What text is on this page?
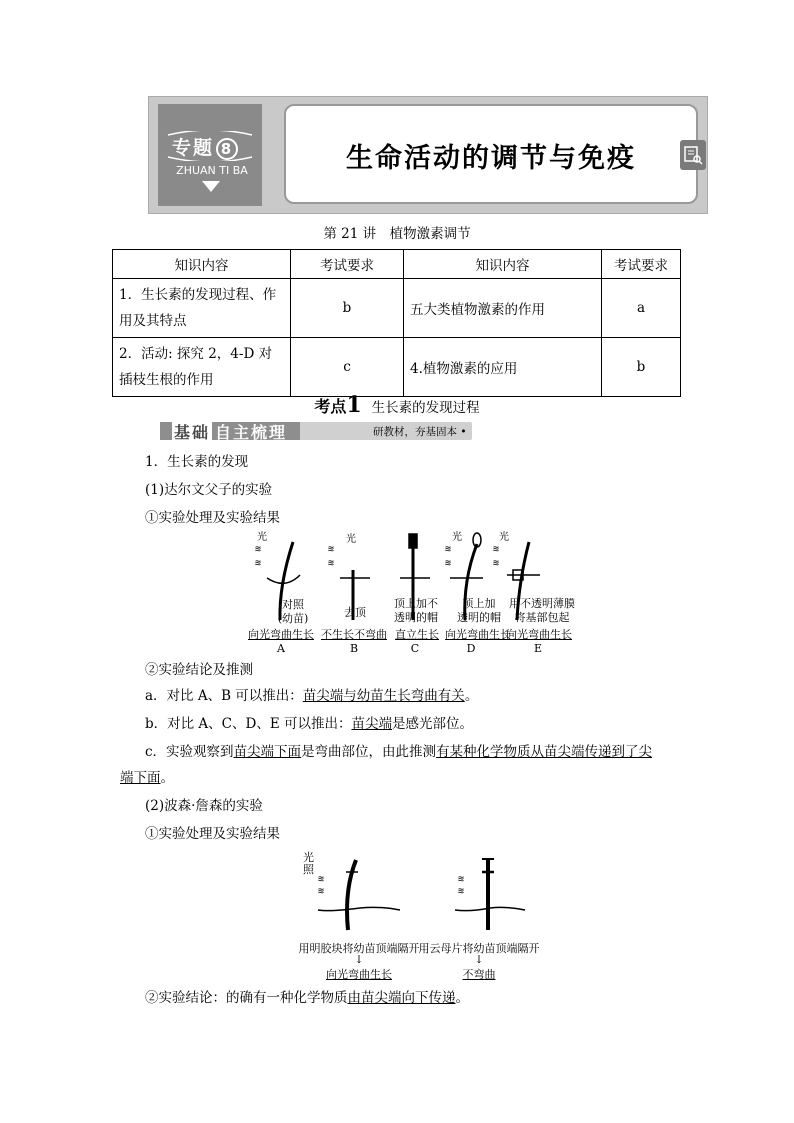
专题 8
ZHUAN TI BA	生命活动的调节与免疫
第 21 讲　植物激素调节
知识内容	考试要求	知识内容	考试要求
1．生长素的发现过程、作用及其特点	b	五大类植物激素的作用	a
2．活动: 探究 2，4-D 对插枝生根的作用	c	4.植物激素的应用	b
考点1 生长素的发现过程
基础 自主梳理	研教材，夯基固本 •
1．生长素的发现
(1)达尔文父子的实验
①实验处理及实验结果
≋
≋
≋
≋
≋
≋
≋
≋
光	光	光	光
对照
(幼苗)	去顶
顶上加不
透明的帽
顶上加
透明的帽
用不透明薄膜
将基部包起
向光弯曲生长 不生长不弯曲 直立生长 向光弯曲生长
向光弯曲生长
A	B	C	D	E
②实验结论及推测
a．对比 A、B 可以推出：苗尖端与幼苗生长弯曲有关。
b．对比 A、C、D、E 可以推出：苗尖端是感光部位。
c．实验观察到苗尖端下面是弯曲部位，由此推测有某种化学物质从苗尖端传递到了尖
端下面。
(2)波森·詹森的实验
①实验处理及实验结果
≋
≋
≋
≋
光
照
用明胶块将幼苗顶端隔开
↓
向光弯曲生长
用云母片将幼苗顶端隔开
↓
不弯曲
②实验结论：的确有一种化学物质由苗尖端向下传递。
